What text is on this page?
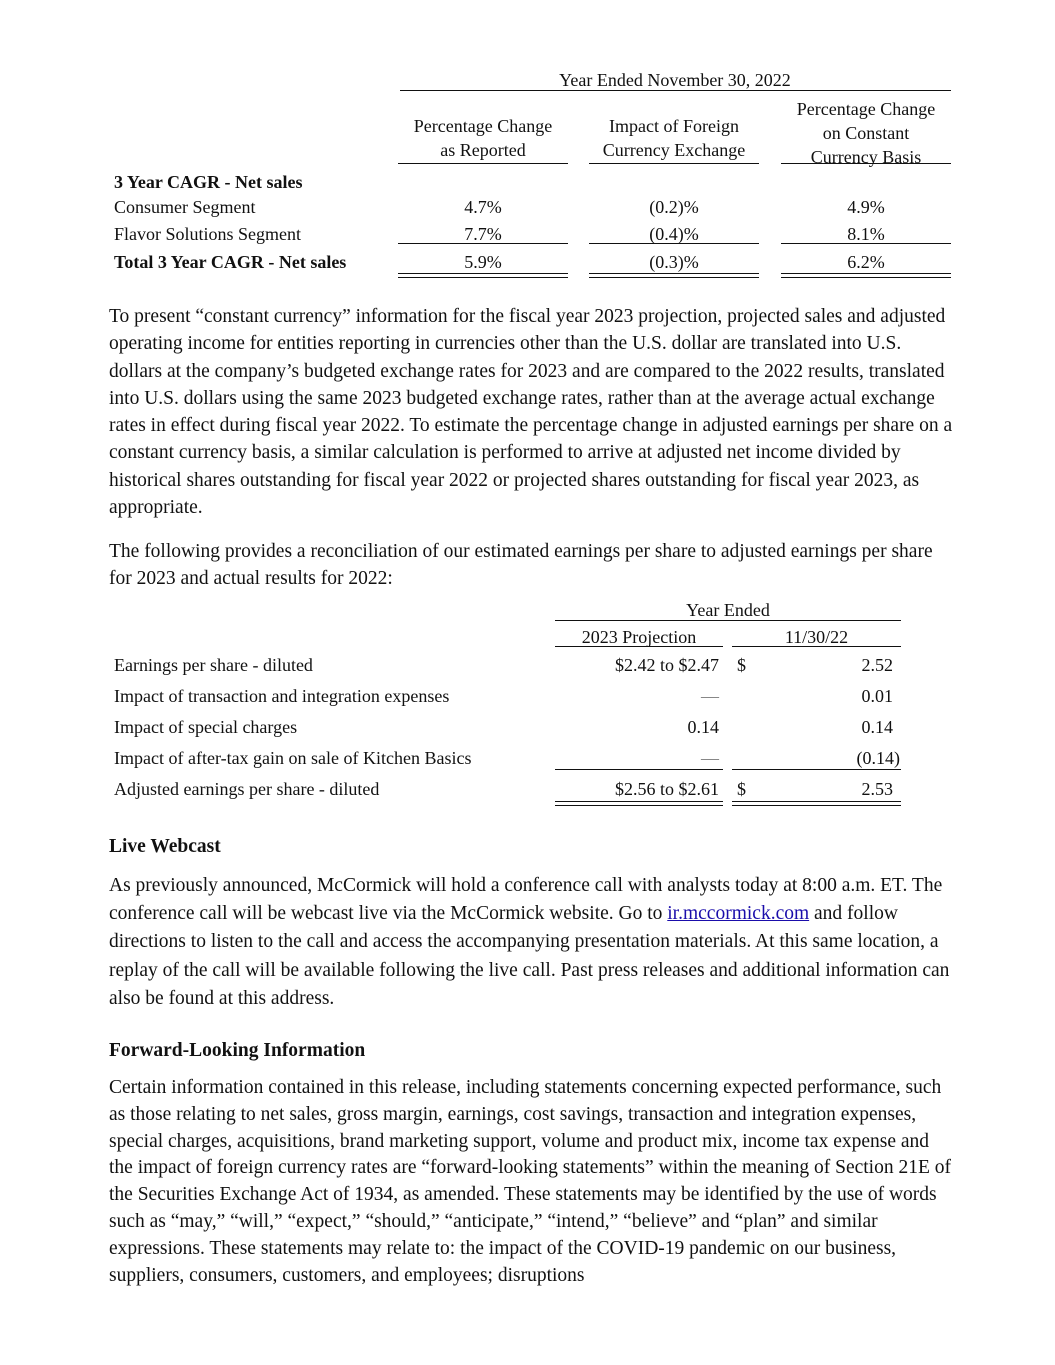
Year Ended November 30, 2022
Percentage Change
as Reported
Impact of Foreign
Currency Exchange
Percentage Change
on Constant
Currency Basis
3 Year CAGR - Net sales
Consumer Segment	4.7%	(0.2)%	4.9%
Flavor Solutions Segment	7.7%	(0.4)%	8.1%
Total 3 Year CAGR - Net sales	5.9%	(0.3)%	6.2%

To present “constant currency” information for the fiscal year 2023 projection, projected sales and adjusted operating income for entities reporting in currencies other than the U.S. dollar are translated into U.S. dollars at the company’s budgeted exchange rates for 2023 and are compared to the 2022 results, translated into U.S. dollars using the same 2023 budgeted exchange rates, rather than at the average actual exchange rates in effect during fiscal year 2022. To estimate the percentage change in adjusted earnings per share on a constant currency basis, a similar calculation is performed to arrive at adjusted net income divided by historical shares outstanding for fiscal year 2022 or projected shares outstanding for fiscal year 2023, as appropriate.

The following provides a reconciliation of our estimated earnings per share to adjusted earnings per share for 2023 and actual results for 2022:

Year Ended
2023 Projection	11/30/22
Earnings per share - diluted	$2.42 to $2.47 $	2.52
Impact of transaction and integration expenses	—	0.01
Impact of special charges	0.14	0.14
Impact of after-tax gain on sale of Kitchen Basics	—	(0.14)
Adjusted earnings per share - diluted	$2.56 to $2.61 $	2.53
Live Webcast

As previously announced, McCormick will hold a conference call with analysts today at 8:00 a.m. ET. The conference call will be webcast live via the McCormick website. Go to ir.mccormick.com and follow directions to listen to the call and access the accompanying presentation materials. At this same location, a replay of the call will be available following the live call. Past press releases and additional information can also be found at this address.

Forward-Looking Information

Certain information contained in this release, including statements concerning expected performance, such as those relating to net sales, gross margin, earnings, cost savings, transaction and integration expenses, special charges, acquisitions, brand marketing support, volume and product mix, income tax expense and the impact of foreign currency rates are “forward-looking statements” within the meaning of Section 21E of the Securities Exchange Act of 1934, as amended. These statements may be identified by the use of words such as “may,” “will,” “expect,” “should,” “anticipate,” “intend,” “believe” and “plan” and similar expressions. These statements may relate to: the impact of the COVID-19 pandemic on our business, suppliers, consumers, customers, and employees; disruptions
